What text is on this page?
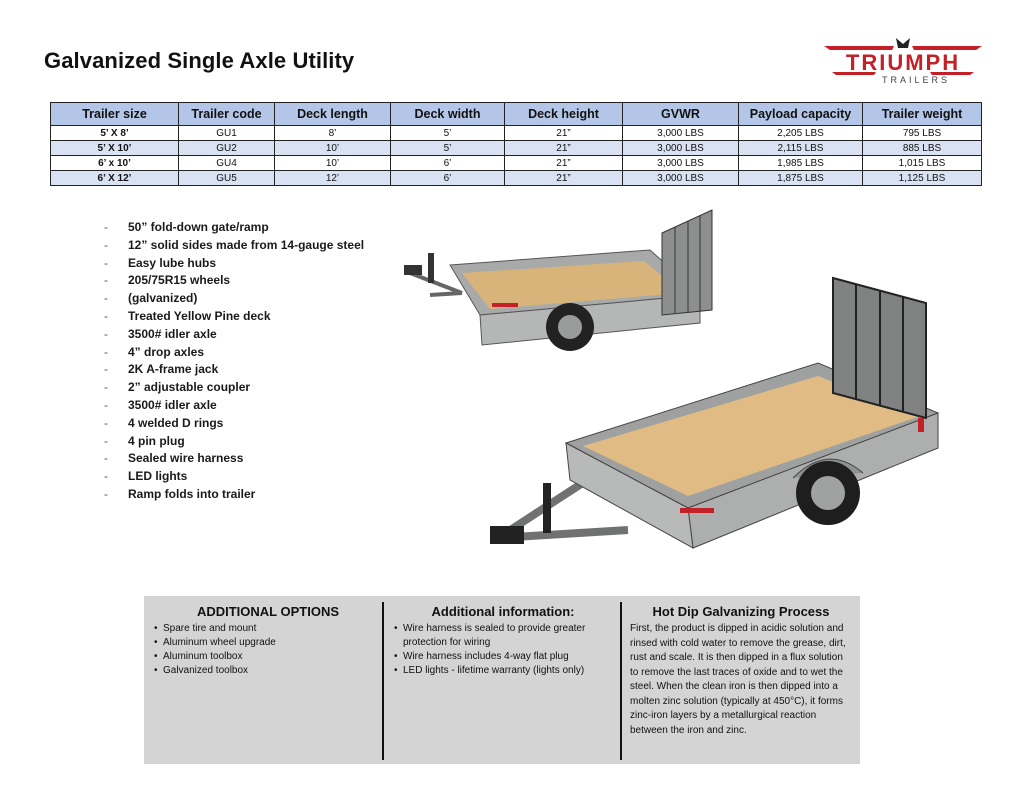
Galvanized Single Axle Utility	TRIUMPH
TRAILERS
Trailer size	Trailer code	Deck length	Deck width	Deck height	GVWR	Payload capacity	Trailer weight
5’ X 8’	GU1	8’	5’	21”	3,000 LBS	2,205 LBS	795 LBS
5’ X 10’	GU2	10’	5’	21”	3,000 LBS	2,115 LBS	885 LBS
6’ x 10’	GU4	10’	6’	21”	3,000 LBS	1,985 LBS	1,015 LBS
6’ X 12’	GU5	12’	6’	21”	3,000 LBS	1,875 LBS	1,125 LBS
- 50” fold-down gate/ramp
- 12” solid sides made from 14-gauge steel
- Easy lube hubs
- 205/75R15 wheels
- (galvanized)
- Treated Yellow Pine deck
- 3500# idler axle
- 4” drop axles
- 2K A-frame jack
- 2” adjustable coupler
- 3500# idler axle
- 4 welded D rings
- 4 pin plug
- Sealed wire harness
- LED lights
- Ramp folds into trailer
ADDITIONAL OPTIONS
• Spare tire and mount
• Aluminum wheel upgrade
• Aluminum toolbox
• Galvanized toolbox
Additional information:
• Wire harness is sealed to provide greater protection for wiring
• Wire harness includes 4-way flat plug
• LED lights - lifetime warranty (lights only)
Hot Dip Galvanizing Process

First, the product is dipped in acidic solution and rinsed with cold water to remove the grease, dirt, rust and scale. It is then dipped in a flux solution to remove the last traces of oxide and to wet the steel. When the clean iron is then dipped into a molten zinc solution (typically at 450°C), it forms zinc-iron layers by a metallurgical reaction between the iron and zinc.
